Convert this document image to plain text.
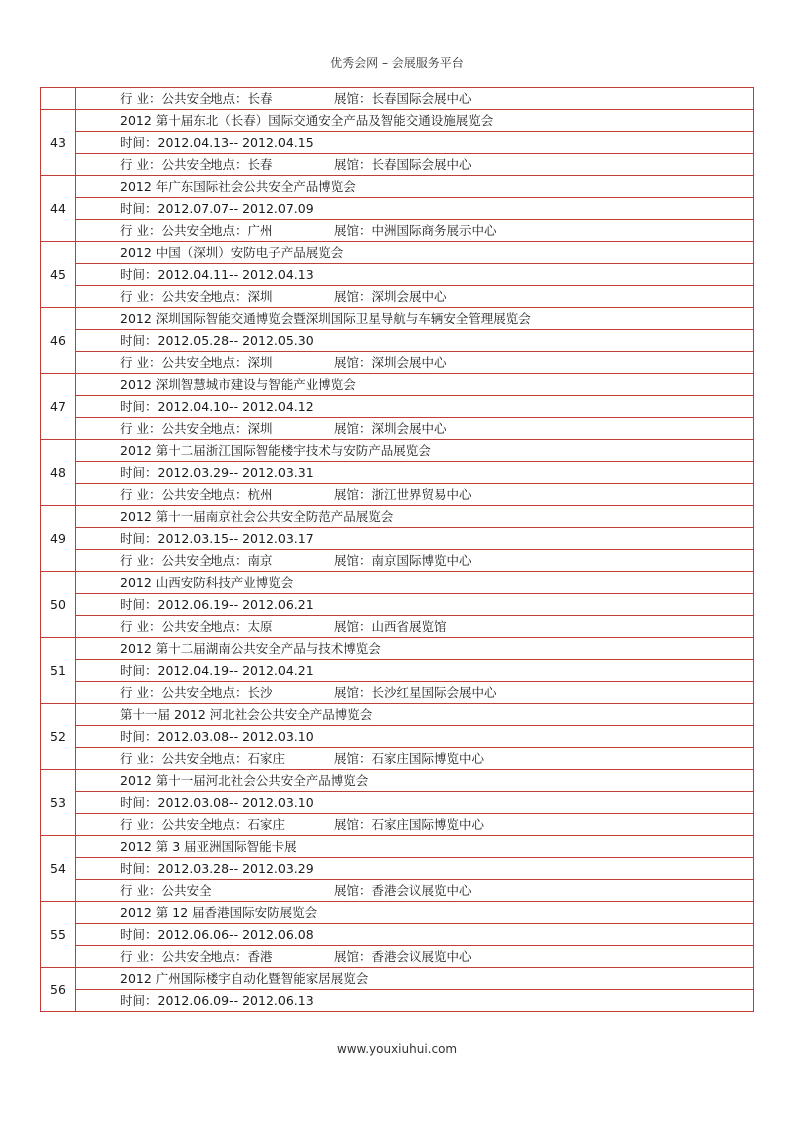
优秀会网 – 会展服务平台
	行 业：公共安全地点：长春 展馆：长春国际会展中心
43	2012 第十届东北（长春）国际交通安全产品及智能交通设施展览会
	时间：2012.04.13-- 2012.04.15
	行 业：公共安全地点：长春 展馆：长春国际会展中心
44	2012 年广东国际社会公共安全产品博览会
	时间：2012.07.07-- 2012.07.09
	行 业：公共安全地点：广州 展馆：中洲国际商务展示中心
45	2012 中国（深圳）安防电子产品展览会
	时间：2012.04.11-- 2012.04.13
	行 业：公共安全地点：深圳 展馆：深圳会展中心
46	2012 深圳国际智能交通博览会暨深圳国际卫星导航与车辆安全管理展览会
	时间：2012.05.28-- 2012.05.30
	行 业：公共安全地点：深圳 展馆：深圳会展中心
47	2012 深圳智慧城市建设与智能产业博览会
	时间：2012.04.10-- 2012.04.12
	行 业：公共安全地点：深圳 展馆：深圳会展中心
48	2012 第十二届浙江国际智能楼宇技术与安防产品展览会
	时间：2012.03.29-- 2012.03.31
	行 业：公共安全地点：杭州 展馆：浙江世界贸易中心
49	2012 第十一届南京社会公共安全防范产品展览会
	时间：2012.03.15-- 2012.03.17
	行 业：公共安全地点：南京 展馆：南京国际博览中心
50	2012 山西安防科技产业博览会
	时间：2012.06.19-- 2012.06.21
	行 业：公共安全地点：太原 展馆：山西省展览馆
51	2012 第十二届湖南公共安全产品与技术博览会
	时间：2012.04.19-- 2012.04.21
	行 业：公共安全地点：长沙 展馆：长沙红星国际会展中心
52	第十一届 2012 河北社会公共安全产品博览会
	时间：2012.03.08-- 2012.03.10
	行 业：公共安全地点：石家庄 展馆：石家庄国际博览中心
53	2012 第十一届河北社会公共安全产品博览会
	时间：2012.03.08-- 2012.03.10
	行 业：公共安全地点：石家庄 展馆：石家庄国际博览中心
54	2012 第 3 届亚洲国际智能卡展
	时间：2012.03.28-- 2012.03.29
	行 业：公共安全 展馆：香港会议展览中心
55	2012 第 12 届香港国际安防展览会
	时间：2012.06.06-- 2012.06.08
	行 业：公共安全地点：香港 展馆：香港会议展览中心
56	2012 广州国际楼宇自动化暨智能家居展览会
	时间：2012.06.09-- 2012.06.13
www.youxiuhui.com
